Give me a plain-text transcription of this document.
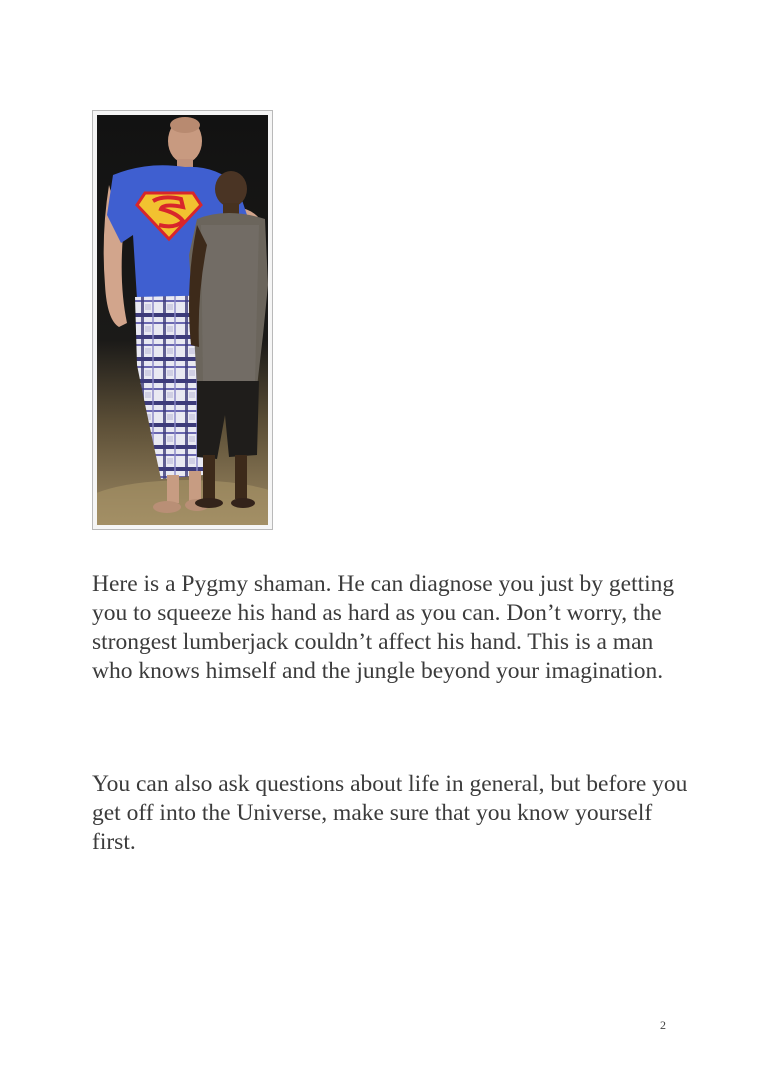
Here is a Pygmy shaman. He can diagnose you just by getting you to squeeze his hand as hard as you can. Don’t worry, the strongest lumberjack couldn’t affect his hand. This is a man who knows himself and the jungle beyond your imagination.

You can also ask questions about life in general, but before you get off into the Universe, make sure that you know yourself first.

2
